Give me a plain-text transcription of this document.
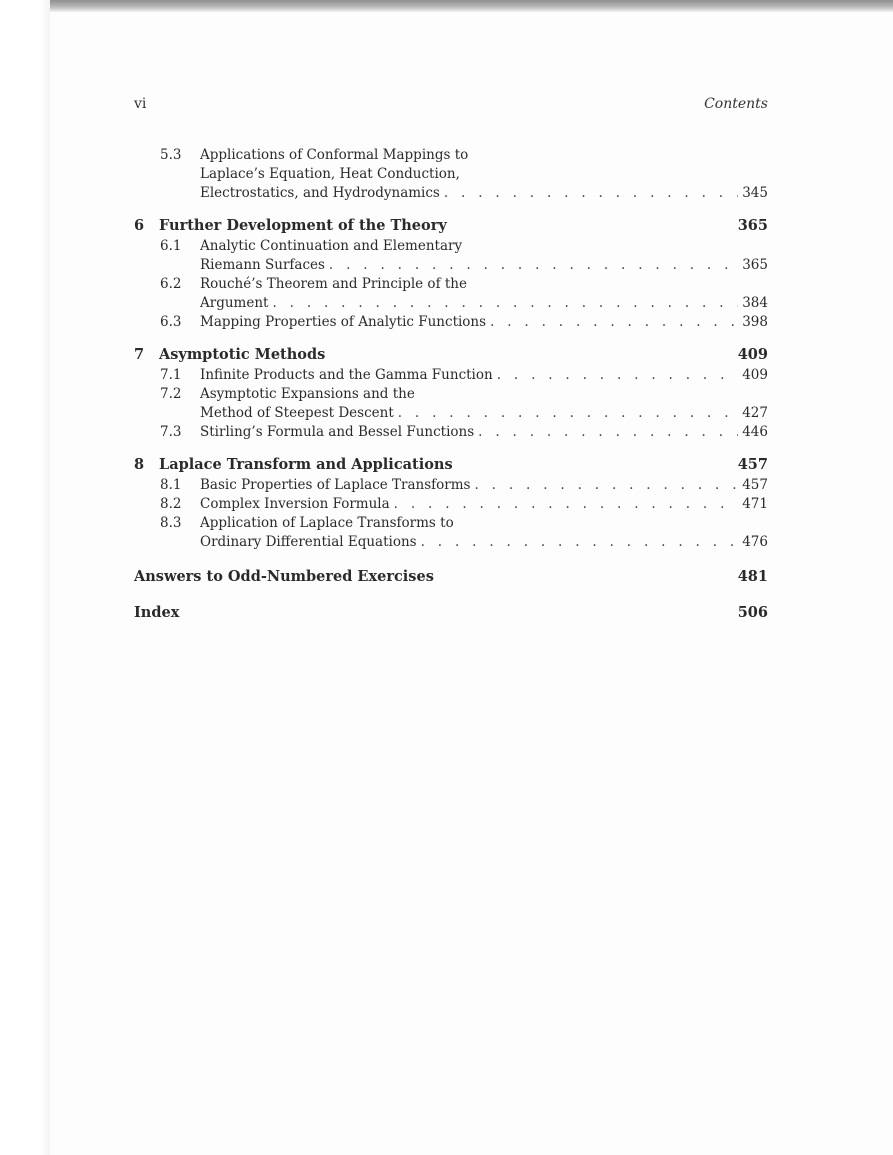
vi	Contents
5.3 Applications of Conformal Mappings to
Laplace’s Equation, Heat Conduction,
Electrostatics, and Hydrodynamics . . .	345
6 Further Development of the Theory	365
6.1 Analytic Continuation and Elementary
Riemann Surfaces . . .	365
6.2 Rouché’s Theorem and Principle of the
Argument . . .	384
6.3 Mapping Properties of Analytic Functions . . .	398
7 Asymptotic Methods	409
7.1 Infinite Products and the Gamma Function . . .	409
7.2 Asymptotic Expansions and the
Method of Steepest Descent . . .	427
7.3 Stirling’s Formula and Bessel Functions . . .	446
8 Laplace Transform and Applications	457
8.1 Basic Properties of Laplace Transforms . . .	457
8.2 Complex Inversion Formula . . .	471
8.3 Application of Laplace Transforms to
Ordinary Differential Equations . . .	476
Answers to Odd-Numbered Exercises	481
Index	506
